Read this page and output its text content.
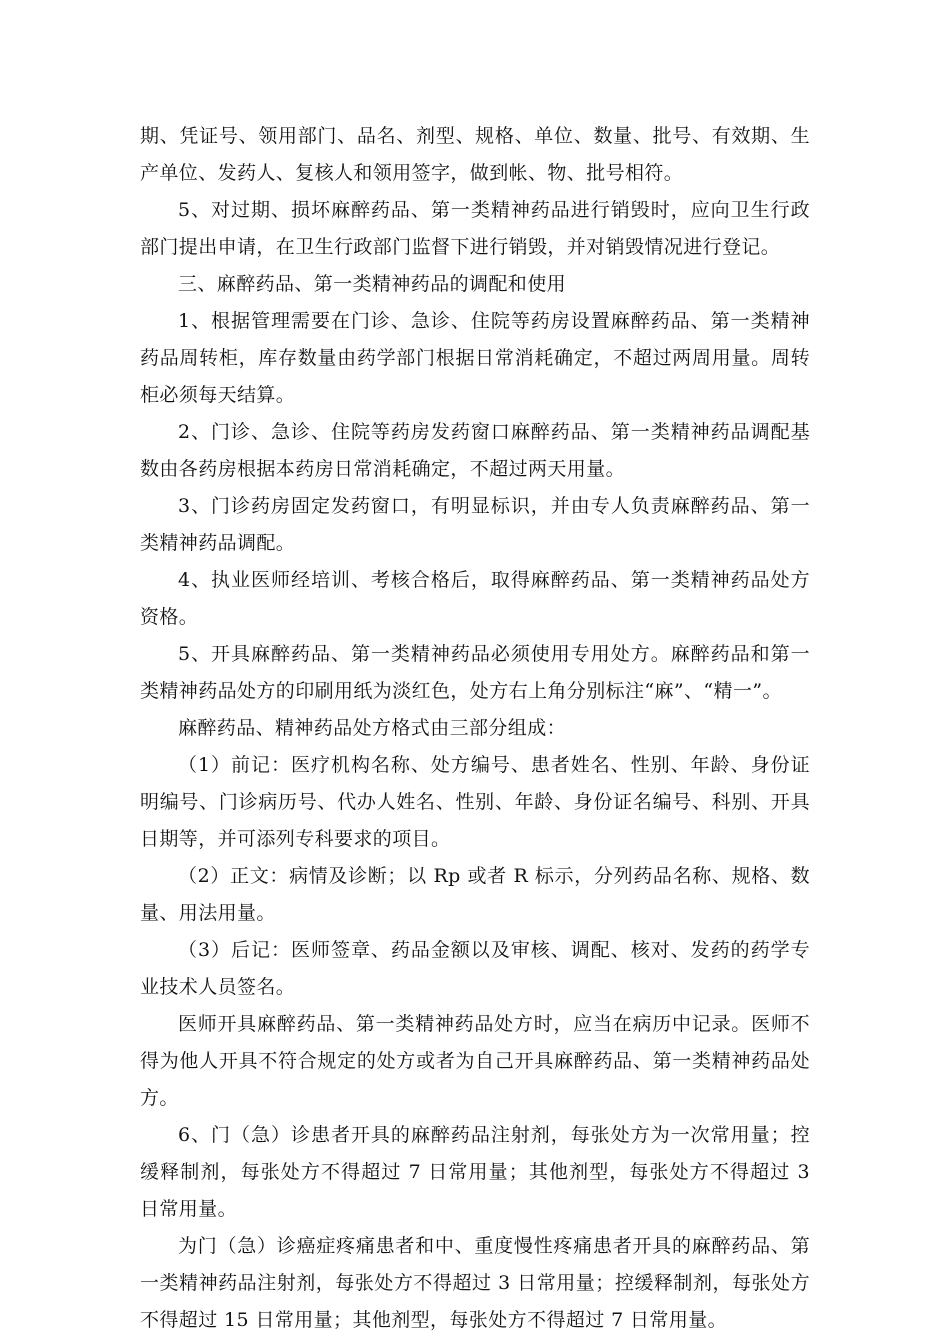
期、凭证号、领用部门、品名、剂型、规格、单位、数量、批号、有效期、生产单位、发药人、复核人和领用签字，做到帐、物、批号相符。

5、对过期、损坏麻醉药品、第一类精神药品进行销毁时，应向卫生行政部门提出申请，在卫生行政部门监督下进行销毁，并对销毁情况进行登记。

三、麻醉药品、第一类精神药品的调配和使用

1、根据管理需要在门诊、急诊、住院等药房设置麻醉药品、第一类精神药品周转柜，库存数量由药学部门根据日常消耗确定，不超过两周用量。周转柜必须每天结算。

2、门诊、急诊、住院等药房发药窗口麻醉药品、第一类精神药品调配基数由各药房根据本药房日常消耗确定，不超过两天用量。

3、门诊药房固定发药窗口，有明显标识，并由专人负责麻醉药品、第一类精神药品调配。

4、执业医师经培训、考核合格后，取得麻醉药品、第一类精神药品处方资格。

5、开具麻醉药品、第一类精神药品必须使用专用处方。麻醉药品和第一类精神药品处方的印刷用纸为淡红色，处方右上角分别标注“麻”、“精一”。

麻醉药品、精神药品处方格式由三部分组成：

（1）前记：医疗机构名称、处方编号、患者姓名、性别、年龄、身份证明编号、门诊病历号、代办人姓名、性别、年龄、身份证名编号、科别、开具日期等，并可添列专科要求的项目。

（2）正文：病情及诊断；以 Rp 或者 R 标示，分列药品名称、规格、数量、用法用量。

（3）后记：医师签章、药品金额以及审核、调配、核对、发药的药学专业技术人员签名。

医师开具麻醉药品、第一类精神药品处方时，应当在病历中记录。医师不得为他人开具不符合规定的处方或者为自己开具麻醉药品、第一类精神药品处方。

6、门（急）诊患者开具的麻醉药品注射剂，每张处方为一次常用量；控缓释制剂，每张处方不得超过 7 日常用量；其他剂型，每张处方不得超过 3 日常用量。

为门（急）诊癌症疼痛患者和中、重度慢性疼痛患者开具的麻醉药品、第一类精神药品注射剂，每张处方不得超过 3 日常用量；控缓释制剂，每张处方不得超过 15 日常用量；其他剂型，每张处方不得超过 7 日常用量。
